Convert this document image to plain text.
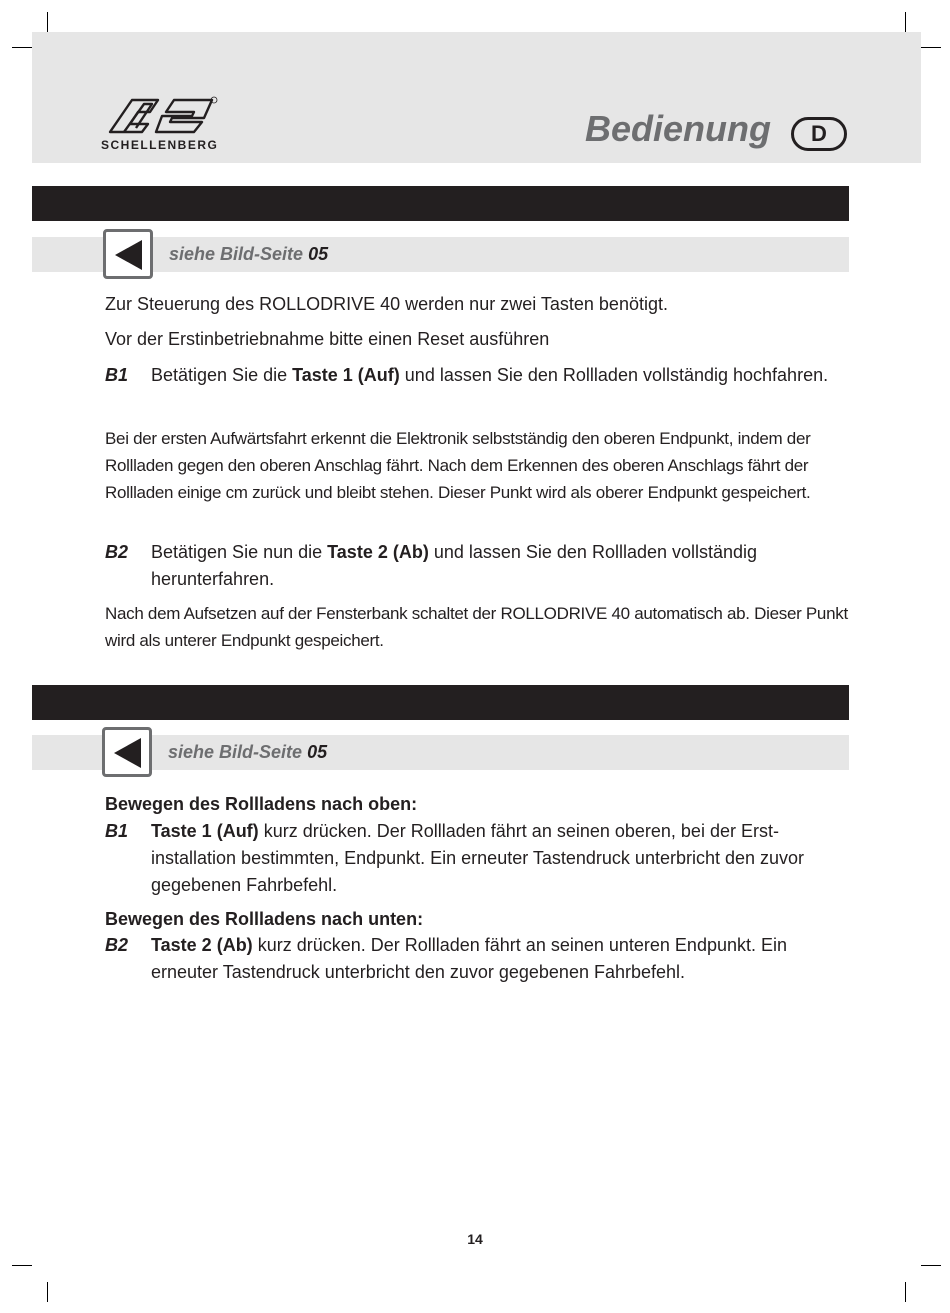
SCHELLENBERG	Bedienung	D
siehe Bild-Seite 05
Zur Steuerung des ROLLODRIVE 40 werden nur zwei Tasten benötigt.
Vor der Erstinbetriebnahme bitte einen Reset ausführen
B1 Betätigen Sie die Taste 1 (Auf) und lassen Sie den Rollladen vollständig hochfahren.
Bei der ersten Aufwärtsfahrt erkennt die Elektronik selbstständig den oberen Endpunkt, indem der Rollladen gegen den oberen Anschlag fährt. Nach dem Erkennen des oberen Anschlags fährt der Rollladen einige cm zurück und bleibt stehen. Dieser Punkt wird als oberer Endpunkt gespeichert.
B2 Betätigen Sie nun die Taste 2 (Ab) und lassen Sie den Rollladen vollständig herunterfahren.
Nach dem Aufsetzen auf der Fensterbank schaltet der ROLLODRIVE 40 automatisch ab. Dieser Punkt wird als unterer Endpunkt gespeichert.
siehe Bild-Seite 05
Bewegen des Rollladens nach oben:
B1 Taste 1 (Auf) kurz drücken. Der Rollladen fährt an seinen oberen, bei der Erst-installation bestimmten, Endpunkt. Ein erneuter Tastendruck unterbricht den zuvor gegebenen Fahrbefehl.
Bewegen des Rollladens nach unten:
B2 Taste 2 (Ab) kurz drücken. Der Rollladen fährt an seinen unteren Endpunkt. Ein erneuter Tastendruck unterbricht den zuvor gegebenen Fahrbefehl.
14
